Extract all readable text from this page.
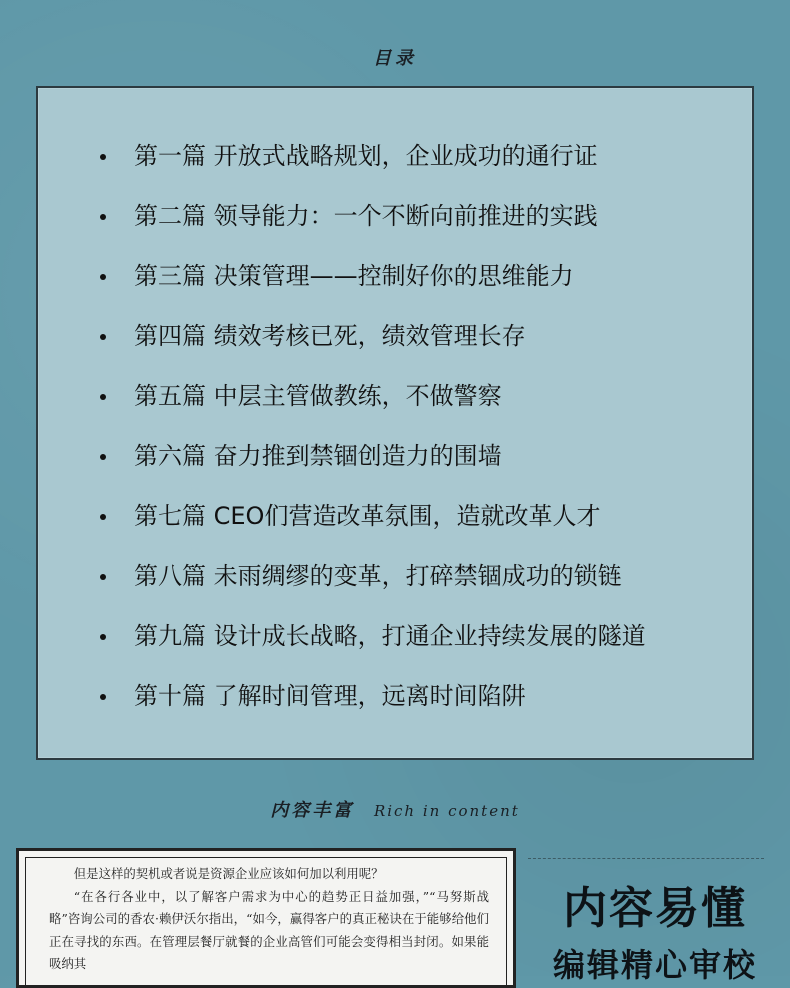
目录
第一篇 开放式战略规划，企业成功的通行证
第二篇 领导能力：一个不断向前推进的实践
第三篇 决策管理——控制好你的思维能力
第四篇 绩效考核已死，绩效管理长存
第五篇 中层主管做教练，不做警察
第六篇 奋力推到禁锢创造力的围墙
第七篇 CEO们营造改革氛围，造就改革人才
第八篇 未雨绸缪的变革，打碎禁锢成功的锁链
第九篇 设计成长战略，打通企业持续发展的隧道
第十篇 了解时间管理，远离时间陷阱
内容丰富 Rich in content

但是这样的契机或者说是资源企业应该如何加以利用呢？

“在各行各业中，以了解客户需求为中心的趋势正日益加强，”“马努斯战略”咨询公司的香农·赖伊沃尔指出，“如今，赢得客户的真正秘诀在于能够给他们正在寻找的东西。在管理层餐厅就餐的企业高管们可能会变得相当封闭。如果能吸纳其

内容易懂
编辑精心审校
